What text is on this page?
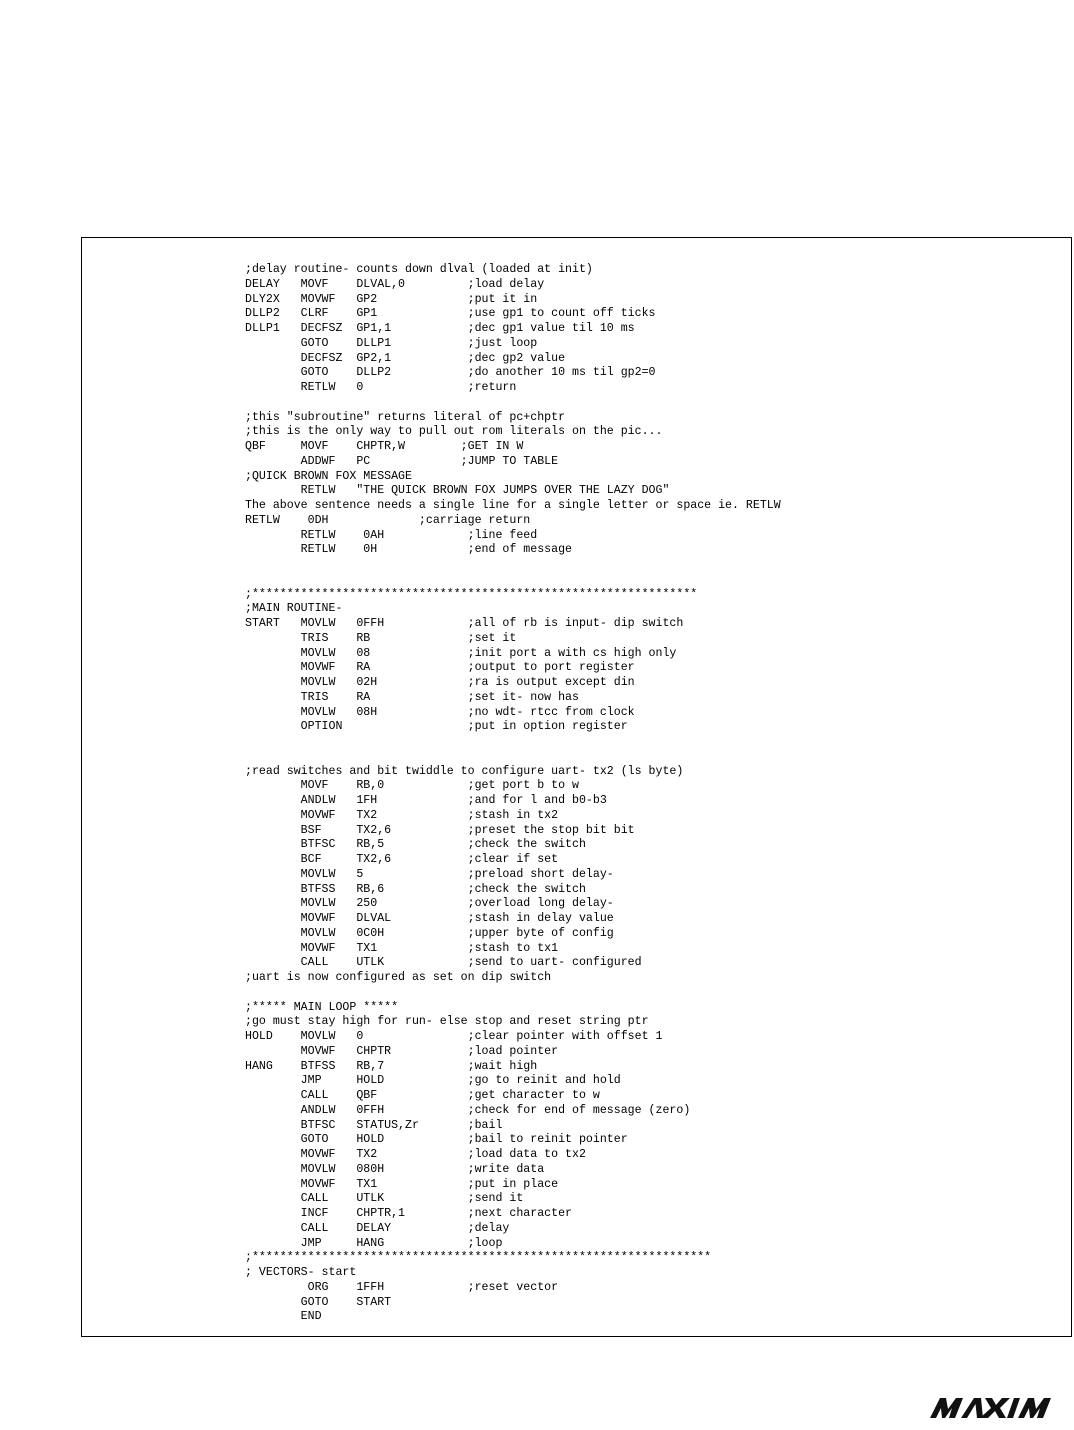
;delay routine- counts down dlval (loaded at init)
DELAY   MOVF    DLVAL,0         ;load delay
DLY2X   MOVWF   GP2             ;put it in
DLLP2   CLRF    GP1             ;use gp1 to count off ticks
DLLP1   DECFSZ  GP1,1           ;dec gp1 value til 10 ms
GOTO    DLLP1           ;just loop
DECFSZ  GP2,1           ;dec gp2 value
GOTO    DLLP2           ;do another 10 ms til gp2=0
RETLW   0               ;return

;this "subroutine" returns literal of pc+chptr
;this is the only way to pull out rom literals on the pic...
QBF     MOVF    CHPTR,W        ;GET IN W
ADDWF   PC             ;JUMP TO TABLE
;QUICK BROWN FOX MESSAGE
RETLW   "THE QUICK BROWN FOX JUMPS OVER THE LAZY DOG"
The above sentence needs a single line for a single letter or space ie. RETLW
RETLW    0DH             ;carriage return
RETLW    0AH            ;line feed
RETLW    0H             ;end of message

;****************************************************************
;MAIN ROUTINE-
START   MOVLW   0FFH            ;all of rb is input- dip switch
TRIS    RB              ;set it
MOVLW   08              ;init port a with cs high only
MOVWF   RA              ;output to port register
MOVLW   02H             ;ra is output except din
TRIS    RA              ;set it- now has
MOVLW   08H             ;no wdt- rtcc from clock
OPTION                  ;put in option register

;read switches and bit twiddle to configure uart- tx2 (ls byte)
MOVF    RB,0            ;get port b to w
ANDLW   1FH             ;and for l and b0-b3
MOVWF   TX2             ;stash in tx2
BSF     TX2,6           ;preset the stop bit bit
BTFSC   RB,5            ;check the switch
BCF     TX2,6           ;clear if set
MOVLW   5               ;preload short delay-
BTFSS   RB,6            ;check the switch
MOVLW   250             ;overload long delay-
MOVWF   DLVAL           ;stash in delay value
MOVLW   0C0H            ;upper byte of config
MOVWF   TX1             ;stash to tx1
CALL    UTLK            ;send to uart- configured
;uart is now configured as set on dip switch

;***** MAIN LOOP *****
;go must stay high for run- else stop and reset string ptr
HOLD    MOVLW   0               ;clear pointer with offset 1
MOVWF   CHPTR           ;load pointer
HANG    BTFSS   RB,7            ;wait high
JMP     HOLD            ;go to reinit and hold
CALL    QBF             ;get character to w
ANDLW   0FFH            ;check for end of message (zero)
BTFSC   STATUS,Zr       ;bail
GOTO    HOLD            ;bail to reinit pointer
MOVWF   TX2             ;load data to tx2
MOVLW   080H            ;write data
MOVWF   TX1             ;put in place
CALL    UTLK            ;send it
INCF    CHPTR,1         ;next character
CALL    DELAY           ;delay
JMP     HANG            ;loop
;******************************************************************
; VECTORS- start
ORG    1FFH            ;reset vector
GOTO    START
END
